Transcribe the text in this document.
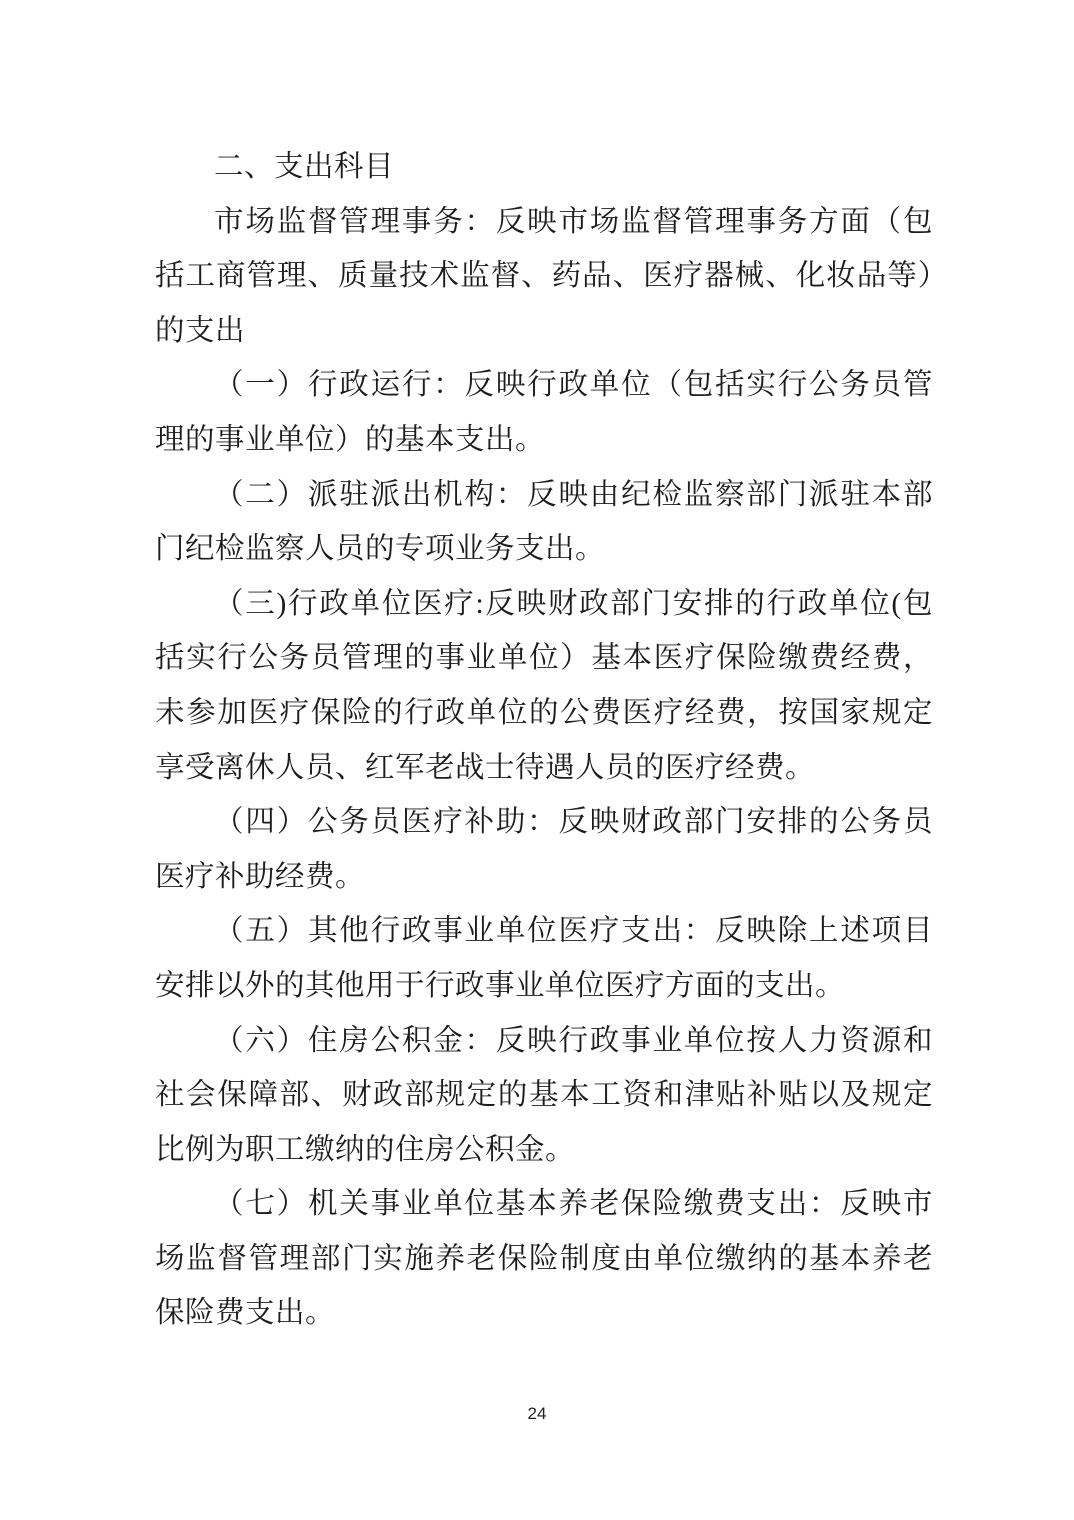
二、支出科目

市场监督管理事务：反映市场监督管理事务方面（包括工商管理、质量技术监督、药品、医疗器械、化妆品等）的支出

（一）行政运行：反映行政单位（包括实行公务员管理的事业单位）的基本支出。

（二）派驻派出机构：反映由纪检监察部门派驻本部门纪检监察人员的专项业务支出。

（三)行政单位医疗:反映财政部门安排的行政单位(包括实行公务员管理的事业单位）基本医疗保险缴费经费，未参加医疗保险的行政单位的公费医疗经费，按国家规定享受离休人员、红军老战士待遇人员的医疗经费。

（四）公务员医疗补助：反映财政部门安排的公务员医疗补助经费。

（五）其他行政事业单位医疗支出：反映除上述项目安排以外的其他用于行政事业单位医疗方面的支出。

（六）住房公积金：反映行政事业单位按人力资源和社会保障部、财政部规定的基本工资和津贴补贴以及规定比例为职工缴纳的住房公积金。

（七）机关事业单位基本养老保险缴费支出：反映市场监督管理部门实施养老保险制度由单位缴纳的基本养老保险费支出。

24
